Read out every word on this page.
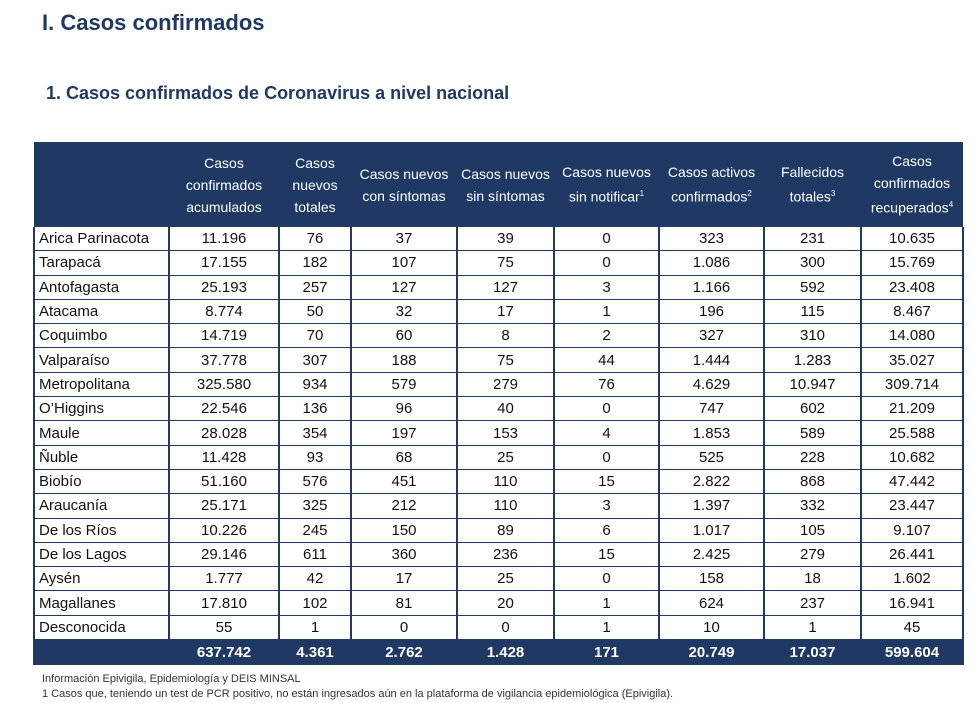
I. Casos confirmados
1. Casos confirmados de Coronavirus a nivel nacional
	Casos confirmados acumulados	Casos nuevos totales	Casos nuevos con síntomas	Casos nuevos sin síntomas	Casos nuevos sin notificar$^1$	Casos activos confirmados$^2$	Fallecidos totales$^3$	Casos confirmados recuperados$^4$
Arica Parinacota	11.196	76	37	39	0	323	231	10.635
Tarapacá	17.155	182	107	75	0	1.086	300	15.769
Antofagasta	25.193	257	127	127	3	1.166	592	23.408
Atacama	8.774	50	32	17	1	196	115	8.467
Coquimbo	14.719	70	60	8	2	327	310	14.080
Valparaíso	37.778	307	188	75	44	1.444	1.283	35.027
Metropolitana	325.580	934	579	279	76	4.629	10.947	309.714
O’Higgins	22.546	136	96	40	0	747	602	21.209
Maule	28.028	354	197	153	4	1.853	589	25.588
Ñuble	11.428	93	68	25	0	525	228	10.682
Biobío	51.160	576	451	110	15	2.822	868	47.442
Araucanía	25.171	325	212	110	3	1.397	332	23.447
De los Ríos	10.226	245	150	89	6	1.017	105	9.107
De los Lagos	29.146	611	360	236	15	2.425	279	26.441
Aysén	1.777	42	17	25	0	158	18	1.602
Magallanes	17.810	102	81	20	1	624	237	16.941
Desconocida	55	1	0	0	1	10	1	45
	637.742	4.361	2.762	1.428	171	20.749	17.037	599.604
Información Epivigila, Epidemiología y DEIS MINSAL
1 Casos que, teniendo un test de PCR positivo, no están ingresados aún en la plataforma de vigilancia epidemiológica (Epivigila).
